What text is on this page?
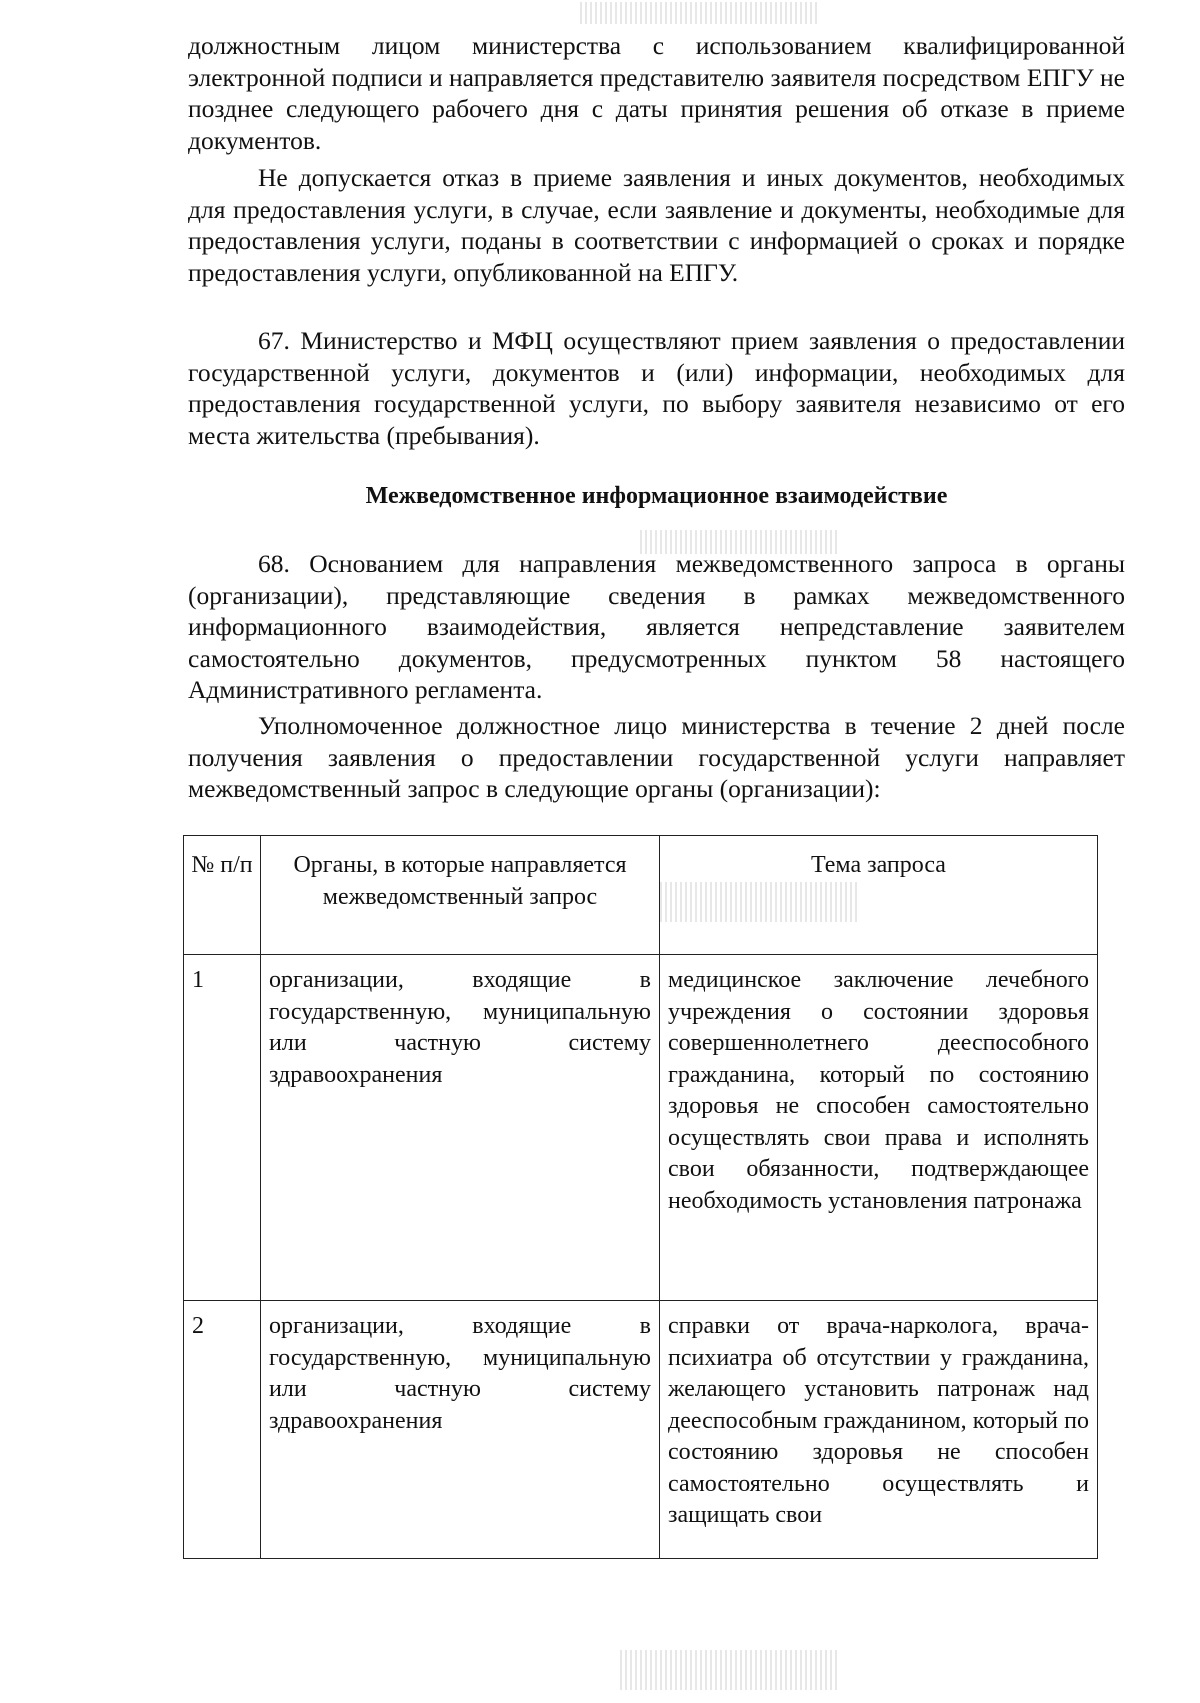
должностным лицом министерства с использованием квалифицированной электронной подписи и направляется представителю заявителя посредством ЕПГУ не позднее следующего рабочего дня с даты принятия решения об отказе в приеме документов.

Не допускается отказ в приеме заявления и иных документов, необходимых для предоставления услуги, в случае, если заявление и документы, необходимые для предоставления услуги, поданы в соответствии с информацией о сроках и порядке предоставления услуги, опубликованной на ЕПГУ.

67. Министерство и МФЦ осуществляют прием заявления о предоставлении государственной услуги, документов и (или) информации, необходимых для предоставления государственной услуги, по выбору заявителя независимо от его места жительства (пребывания).

Межведомственное информационное взаимодействие

68. Основанием для направления межведомственного запроса в органы (организации), представляющие сведения в рамках межведомственного информационного взаимодействия, является непредставление заявителем самостоятельно документов, предусмотренных пунктом 58 настоящего Административного регламента.

Уполномоченное должностное лицо министерства в течение 2 дней после получения заявления о предоставлении государственной услуги направляет межведомственный запрос в следующие органы (организации):

№ п/п	Органы, в которые направляется межведомственный запрос	Тема запроса

1	организации, входящие в государственную, муниципальную или частную систему здравоохранения	медицинское заключение лечебного учреждения о состоянии здоровья совершеннолетнего дееспособного гражданина, который по состоянию здоровья не способен самостоятельно осуществлять свои права и исполнять свои обязанности, подтверждающее необходимость установления патронажа

2	организации, входящие в государственную, муниципальную или частную систему здравоохранения	справки от врача-нарколога, врача-психиатра об отсутствии у гражданина, желающего установить патронаж над дееспособным гражданином, который по состоянию здоровья не способен самостоятельно осуществлять и защищать свои
